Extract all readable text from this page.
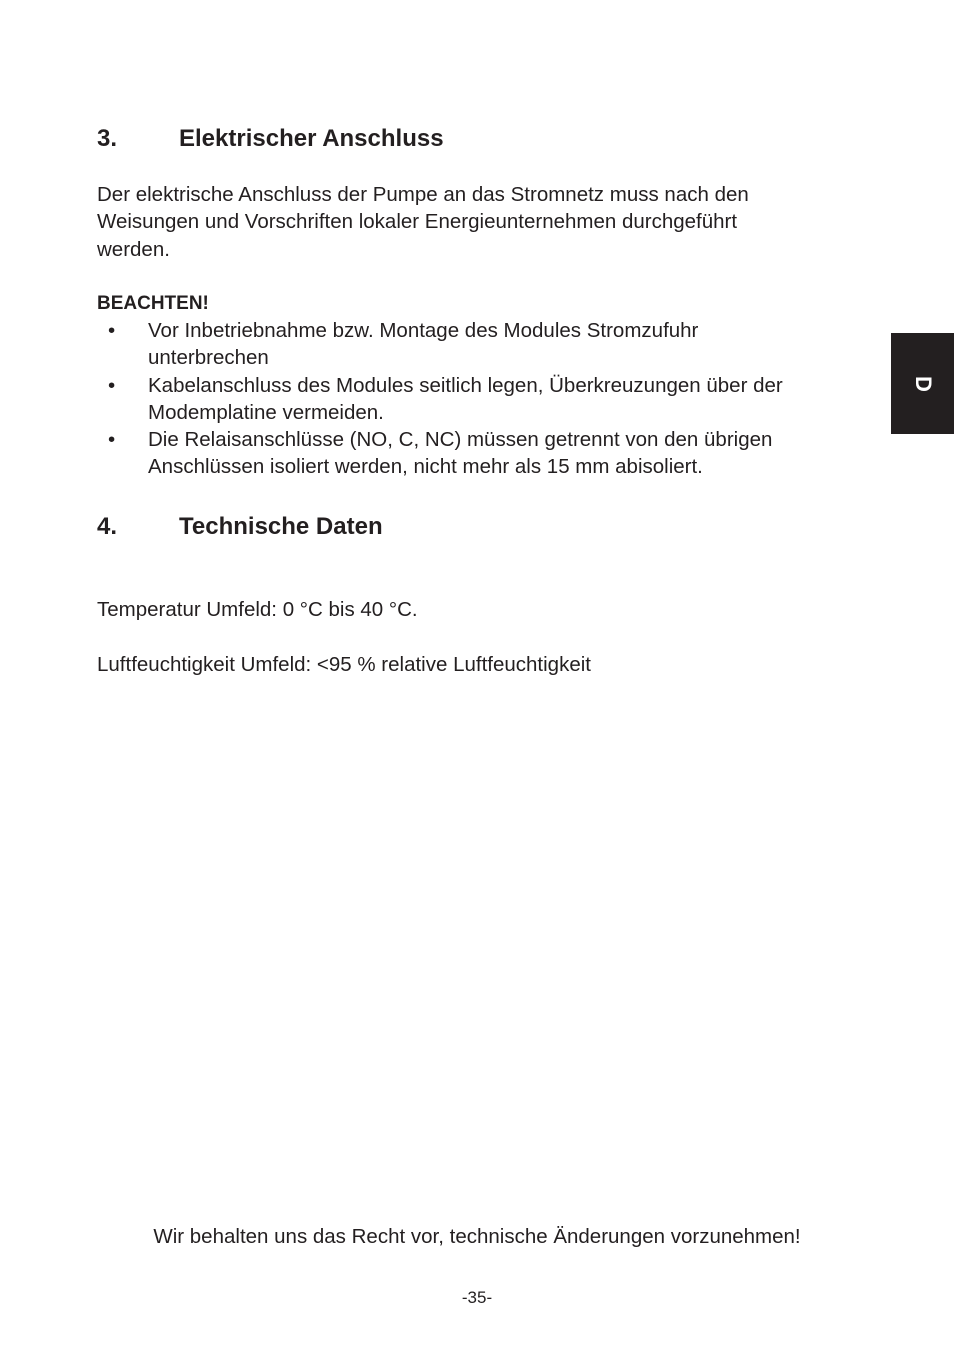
3.	Elektrischer Anschluss

Der elektrische Anschluss der Pumpe an das Stromnetz muss nach den
Weisungen und Vorschriften lokaler Energieunternehmen durchgeführt
werden.

BEACHTEN!

• Vor Inbetriebnahme bzw. Montage des Modules Stromzufuhr
unterbrechen
• Kabelanschluss des Modules seitlich legen, Überkreuzungen über der
Modemplatine vermeiden.
• Die Relaisanschlüsse (NO, C, NC) müssen getrennt von den übrigen
Anschlüssen isoliert werden, nicht mehr als 15 mm abisoliert.
4.	Technische Daten

Temperatur Umfeld: 0 °C bis 40 °C.

Luftfeuchtigkeit Umfeld: <95 % relative Luftfeuchtigkeit

D

Wir behalten uns das Recht vor, technische Änderungen vorzunehmen!

-35-
